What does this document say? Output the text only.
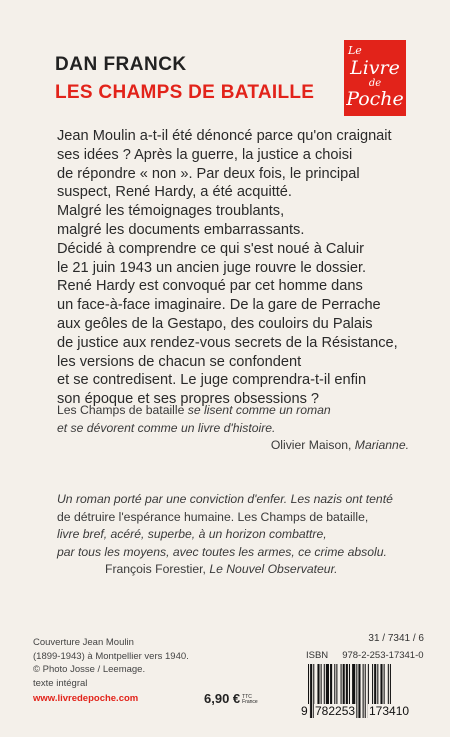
DAN FRANCK
LES CHAMPS DE BATAILLE
Le
Livre
de
Poche
Jean Moulin a-t-il été dénoncé parce qu'on craignait
ses idées ? Après la guerre, la justice a choisi
de répondre « non ». Par deux fois, le principal
suspect, René Hardy, a été acquitté.
Malgré les témoignages troublants,
malgré les documents embarrassants.
Décidé à comprendre ce qui s'est noué à Caluir
le 21 juin 1943 un ancien juge rouvre le dossier.
René Hardy est convoqué par cet homme dans
un face-à-face imaginaire. De la gare de Perrache
aux geôles de la Gestapo, des couloirs du Palais
de justice aux rendez-vous secrets de la Résistance,
les versions de chacun se confondent
et se contredisent. Le juge comprendra-t-il enfin
son époque et ses propres obsessions ?
Les Champs de bataille se lisent comme un roman
et se dévorent comme un livre d'histoire.
Olivier Maison, Marianne.
Un roman porté par une conviction d'enfer. Les nazis ont tenté
de détruire l'espérance humaine. Les Champs de bataille,
livre bref, acéré, superbe, à un horizon combattre,
par tous les moyens, avec toutes les armes, ce crime absolu.
François Forestier, Le Nouvel Observateur.
Couverture Jean Moulin
(1899-1943) à Montpellier vers 1940.
© Photo Josse / Leemage.
texte intégral
www.livredepoche.com	6,90 € TTC
France
31 / 7341 / 6
ISBN 978-2-253-17341-0
9 782253 173410
